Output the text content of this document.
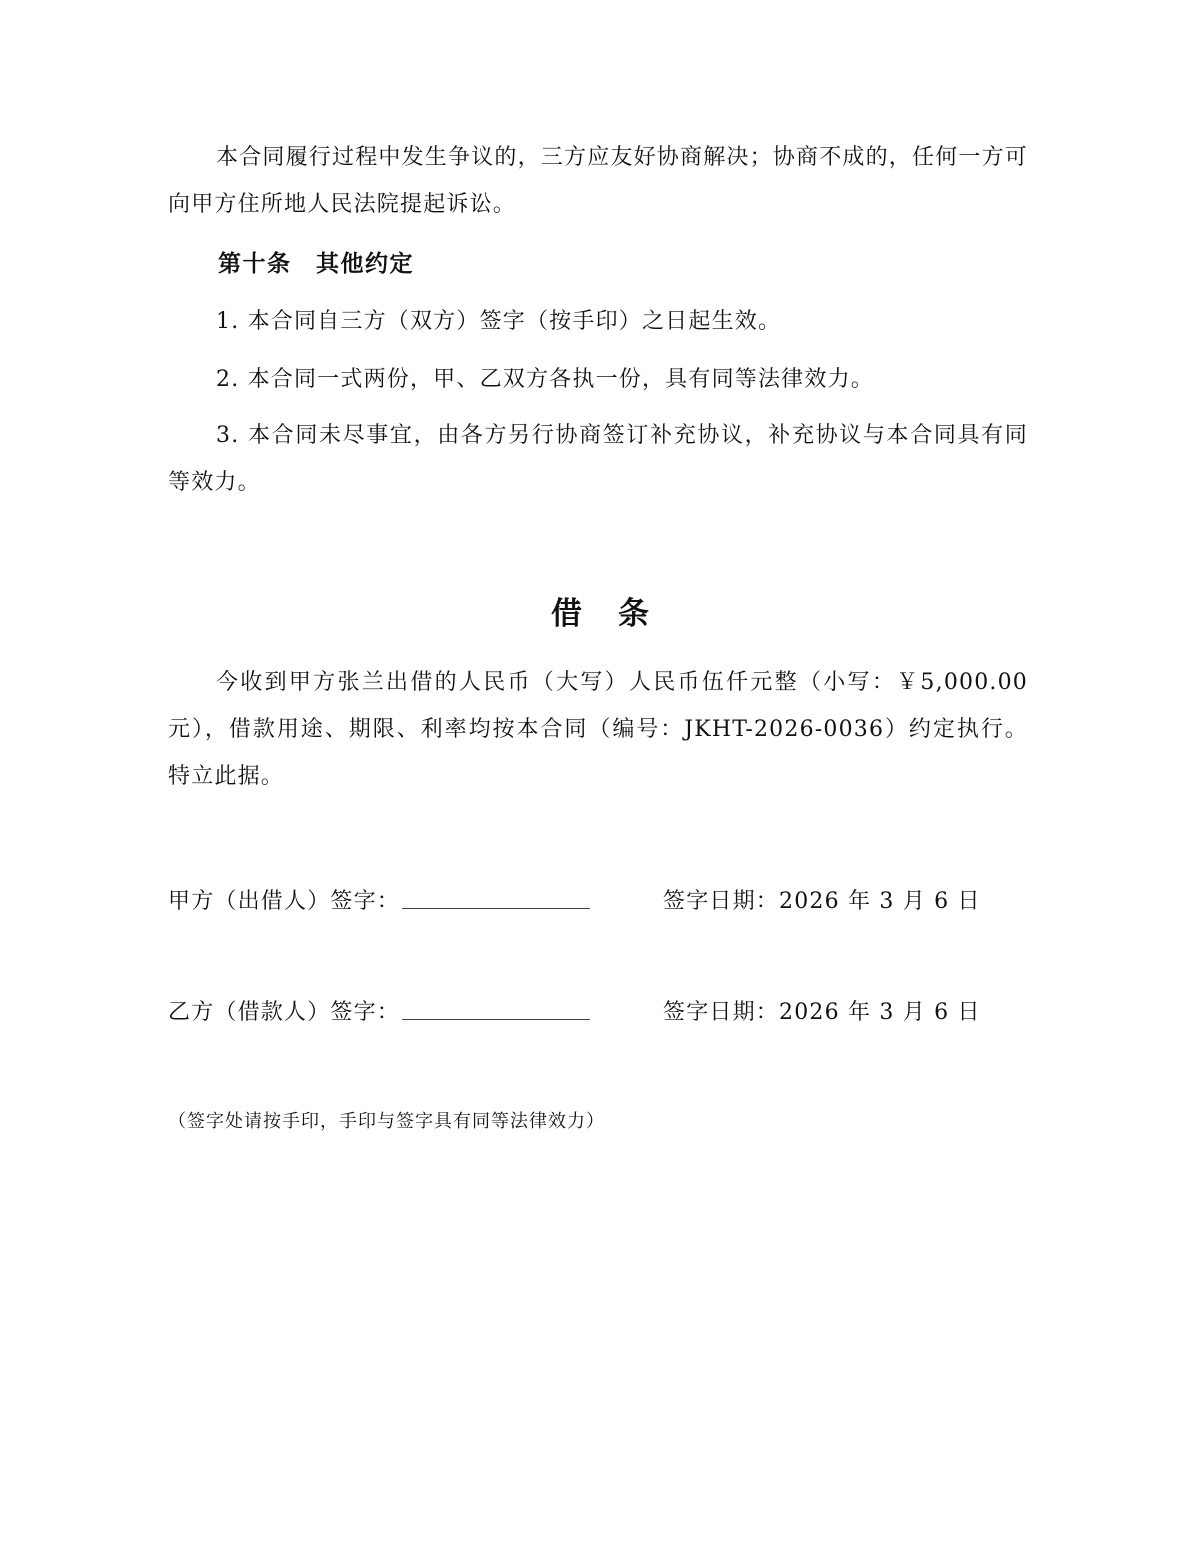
本合同履行过程中发生争议的，三方应友好协商解决；协商不成的，任何一方可向甲方住所地人民法院提起诉讼。

第十条　其他约定

1. 本合同自三方（双方）签字（按手印）之日起生效。

2. 本合同一式两份，甲、乙双方各执一份，具有同等法律效力。

3. 本合同未尽事宜，由各方另行协商签订补充协议，补充协议与本合同具有同等效力。

借条

今收到甲方张兰出借的人民币（大写）人民币伍仟元整（小写：￥5,000.00元），借款用途、期限、利率均按本合同（编号：JKHT-2026-0036）约定执行。特立此据。

甲方（出借人）签字：	签字日期：2026 年 3 月 6 日
乙方（借款人）签字：	签字日期：2026 年 3 月 6 日
（签字处请按手印，手印与签字具有同等法律效力）
